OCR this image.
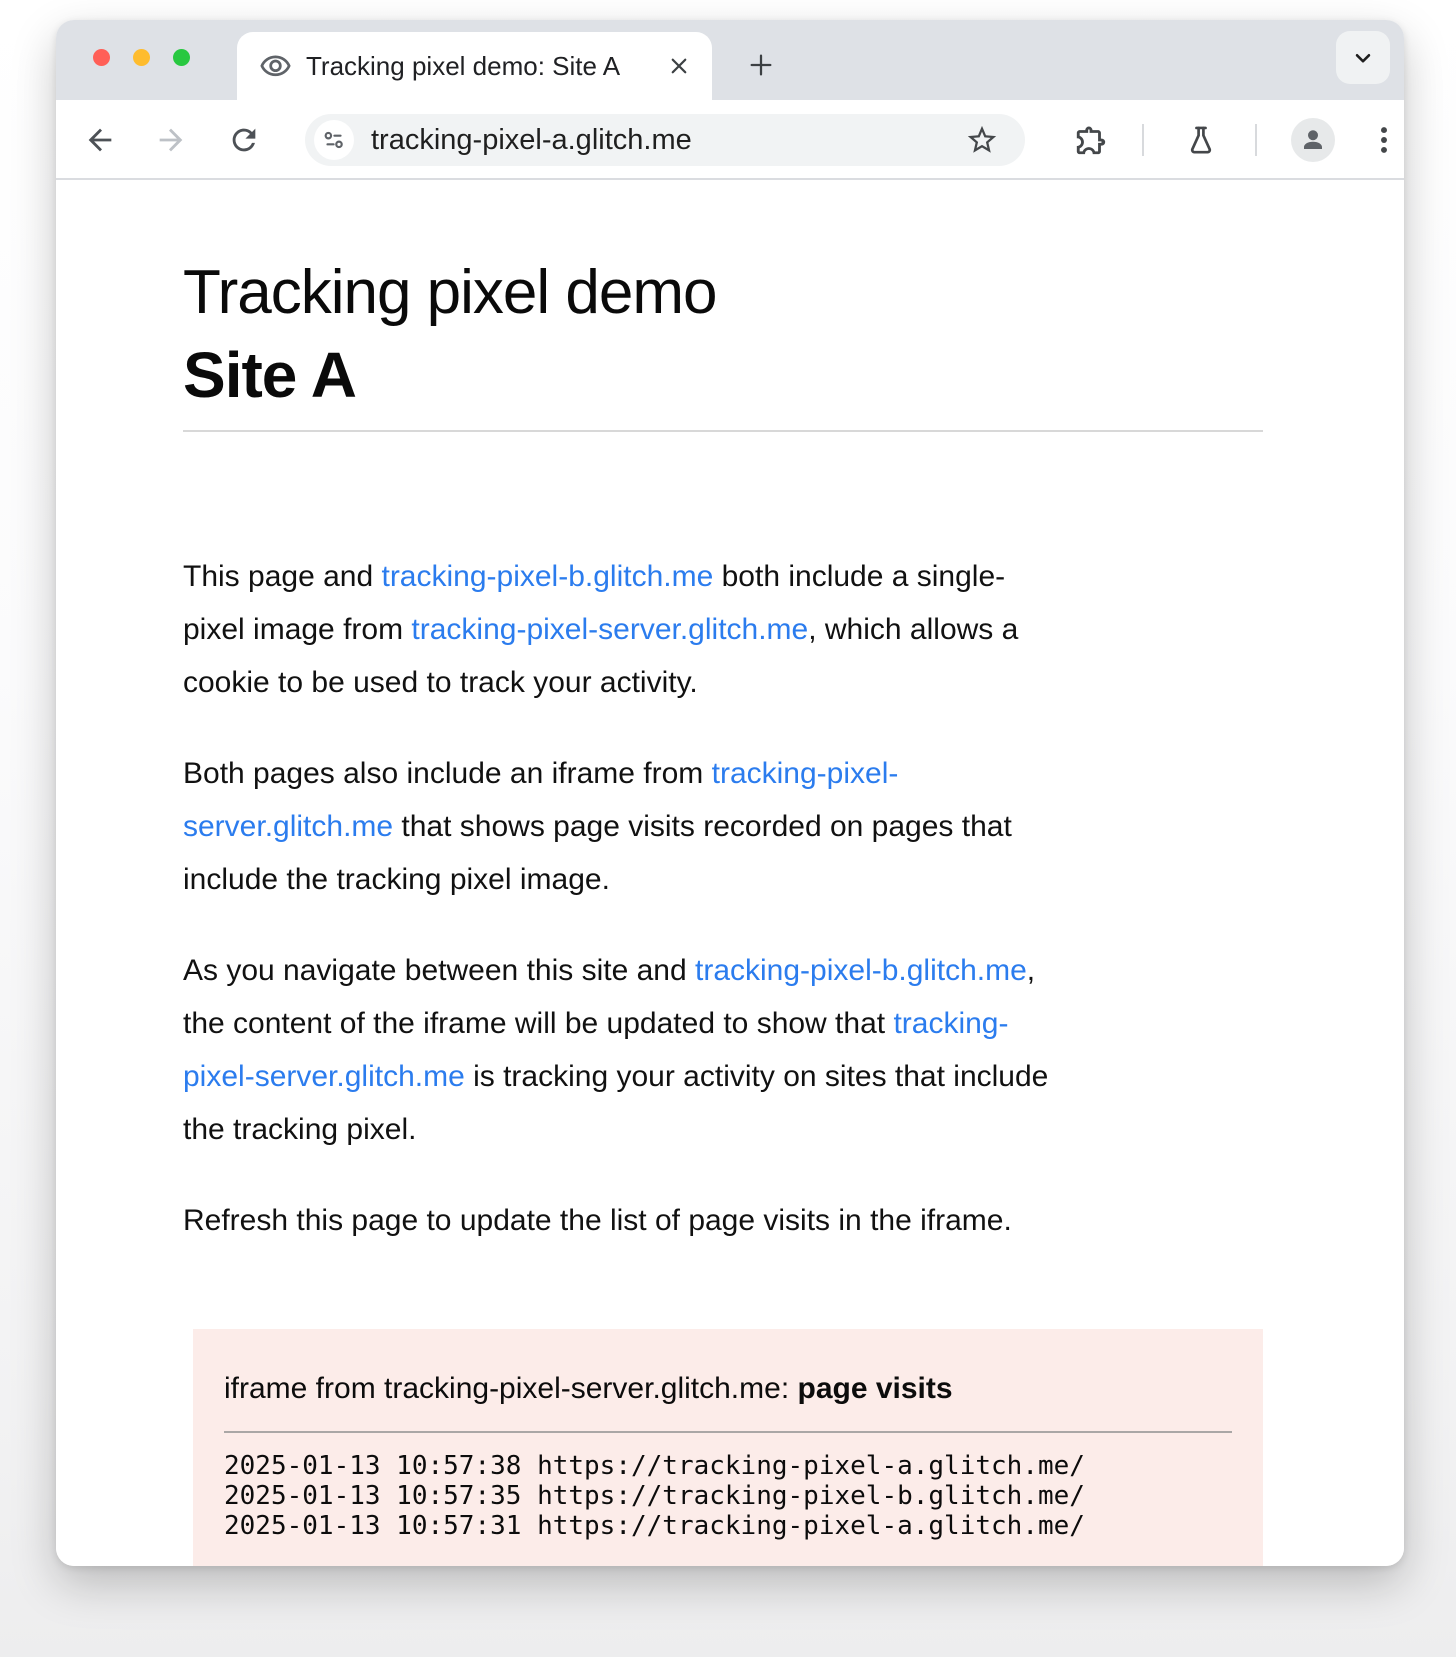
Tracking pixel demo: Site A
tracking-pixel-a.glitch.me
Tracking pixel demo
Site A
This page and tracking-pixel-b.glitch.me both include a single-
pixel image from tracking-pixel-server.glitch.me, which allows a
cookie to be used to track your activity.
Both pages also include an iframe from tracking-pixel-
server.glitch.me that shows page visits recorded on pages that
include the tracking pixel image.
As you navigate between this site and tracking-pixel-b.glitch.me,
the content of the iframe will be updated to show that tracking-
pixel-server.glitch.me is tracking your activity on sites that include
the tracking pixel.
Refresh this page to update the list of page visits in the iframe.
iframe from tracking-pixel-server.glitch.me: page visits
2025-01-13 10:57:38 https://tracking-pixel-a.glitch.me/
2025-01-13 10:57:35 https://tracking-pixel-b.glitch.me/
2025-01-13 10:57:31 https://tracking-pixel-a.glitch.me/
